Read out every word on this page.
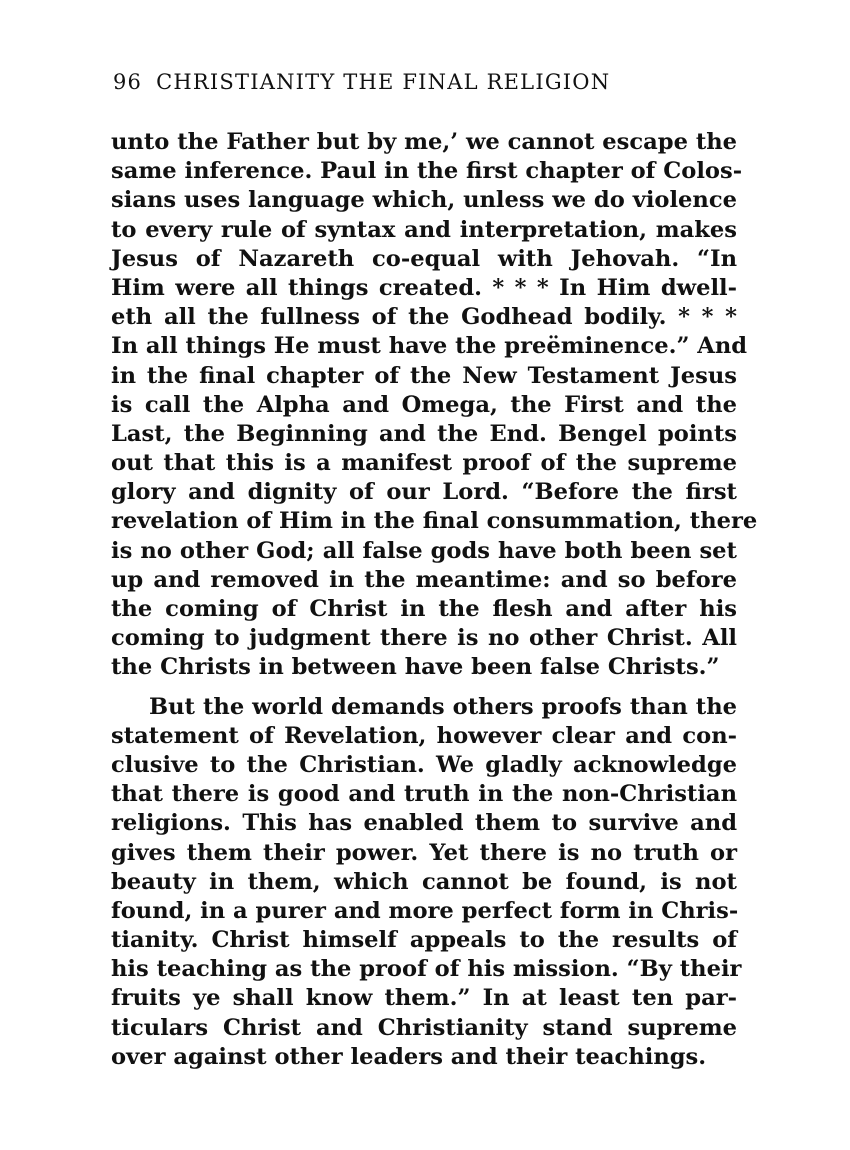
96 CHRISTIANITY THE FINAL RELIGION
unto the Father but by me,’ we cannot escape the
same inference. Paul in the first chapter of Colos-
sians uses language which, unless we do violence
to every rule of syntax and interpretation, makes
Jesus of Nazareth co-equal with Jehovah. “In
Him were all things created. * * * In Him dwell-
eth all the fullness of the Godhead bodily. * * *
In all things He must have the preëminence.” And
in the final chapter of the New Testament Jesus
is call the Alpha and Omega, the First and the
Last, the Beginning and the End. Bengel points
out that this is a manifest proof of the supreme
glory and dignity of our Lord. “Before the first
revelation of Him in the final consummation, there
is no other God; all false gods have both been set
up and removed in the meantime: and so before
the coming of Christ in the flesh and after his
coming to judgment there is no other Christ. All
the Christs in between have been false Christs.”
But the world demands others proofs than the
statement of Revelation, however clear and con-
clusive to the Christian. We gladly acknowledge
that there is good and truth in the non-Christian
religions. This has enabled them to survive and
gives them their power. Yet there is no truth or
beauty in them, which cannot be found, is not
found, in a purer and more perfect form in Chris-
tianity. Christ himself appeals to the results of
his teaching as the proof of his mission. “By their
fruits ye shall know them.” In at least ten par-
ticulars Christ and Christianity stand supreme
over against other leaders and their teachings.
